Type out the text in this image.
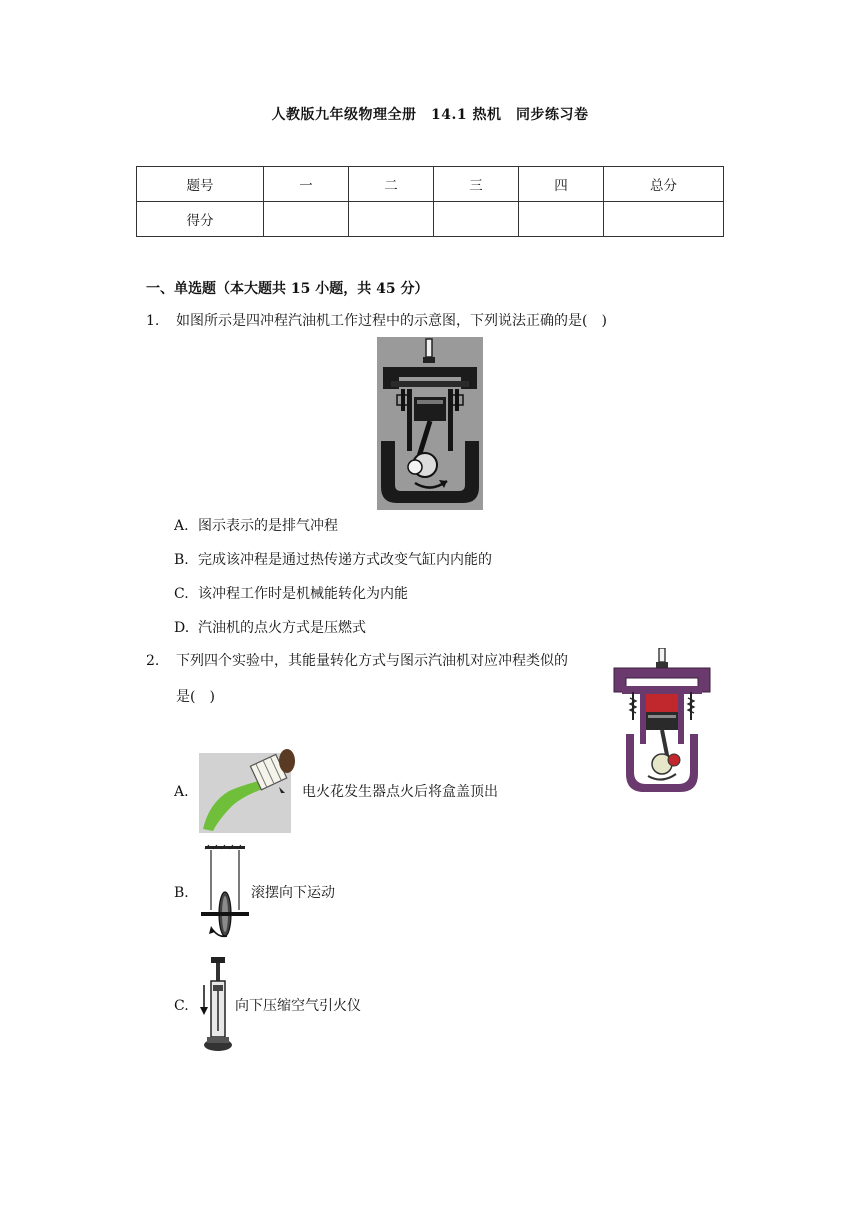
人教版九年级物理全册　14.1 热机　同步练习卷
题号	一	二	三	四	总分
得分					
一、单选题（本大题共 15 小题，共 45 分）
1. 如图所示是四冲程汽油机工作过程中的示意图，下列说法正确的是(　)
A. 图示表示的是排气冲程
B. 完成该冲程是通过热传递方式改变气缸内内能的
C. 该冲程工作时是机械能转化为内能
D. 汽油机的点火方式是压燃式
2. 下列四个实验中，其能量转化方式与图示汽油机对应冲程类似的
是(　)
A.	电火花发生器点火后将盒盖顶出
B.	滚摆向下运动
C.	向下压缩空气引火仪
